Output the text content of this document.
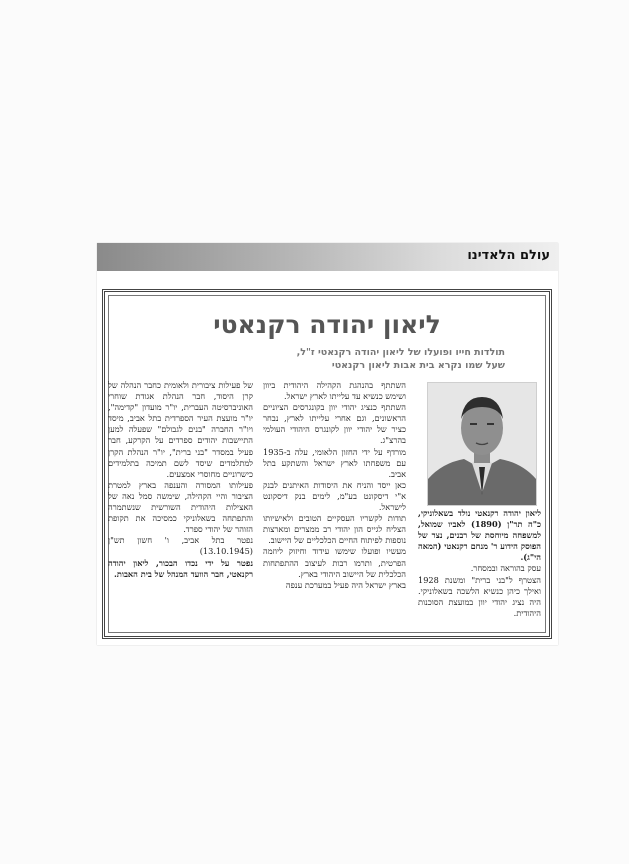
עולם הלאדינו
ליאון יהודה רקנאטי
תולדות חייו ופועלו של ליאון יהודה רקנאטי ז"ל,
שעל שמו נקרא בית אבות ליאון רקנאטי

ליאון יהודה רקנאטי נולד בשאלוניקי, כ"ה תר"ן (1890) לאביו שמואל, למשפחה מיוחסת של רבנים, נצר של הפוסק הידוע ר' מנחם רקנאטי (המאה הי"ג).

עסק בהוראה ובמסחר.

הצטרף ל"בני ברית" ומשנת 1928 ואילך כיהן כנשיא הלשכה בשאלוניקי. היה נציג יהודי יוון במועצת הסוכנות היהודית.

השתתף בהנהגת הקהילה היהודית ביוון ושימש כנשיא עד עלייתו לארץ ישראל.

השתתף כנציג יהודי יוון בקונגרסים הציוניים הראשונים, וגם אחרי עלייתו לארץ, נבחר כציר של יהודי יוון לקונגרס היהודי העולמי בהרצ"ג.

מורדף על ידי החזון הלאומי, עלה ב-1935 עם משפחתו לארץ ישראל והשתקע בתל אביב.

כאן ייסד והניח את היסודות האיתנים לבנק א"י דיסקונט בע"מ, לימים בנק דיסקונט לישראל.

תודות לקשריו העסקיים הטובים ולאישיותו הצליח לגייס הון יהודי רב ממצרים ומארצות נוספות לפיתוח החיים הכלכליים של היישוב.

מעשיו ופועלו שימשו עידוד וחיזוק ליוזמה הפרטית, ותרמו רבות לעיצוב ההתפתחות הכלכלית של היישוב היהודי בארץ.

בארץ ישראל היה פעיל במערכת ענפה

של פעילות ציבורית ולאומית כחבר הנהלה של קרן היסוד, חבר הנהלת אגודת שוחרי האוניברסיטה העברית, יו"ר מועדון "קדימה", יו"ר מועצת העיר הספרדית בתל אביב, מיסד ויו"ר החברה "בנים לגבולם" שפעלה למען התיישבות יהודים ספרדים על הקרקע, חבר פעיל במסדר "בני ברית", יו"ר הנהלת הקרן למתלמדים שיסד לשם תמיכה בתלמידים כישרוניים מחוסרי אמצעים.

פעילותו המסורה והענפה בארץ למטרת הציבור והיי הקהילה, שימשה סמל נאה של האצילות היהודית השורשית שנשתמרה והתפתחה בשאלוניקי כמסיכה את תקופת הזוהר של יהודי ספרד.

נפטר בתל אביב, ו' חשון תש"ן (13.10.1945)

נפטר על ידי נכדו הבכור, ליאון יהודה רקנאטי, חבר הוועד המנהל של בית האבות.
